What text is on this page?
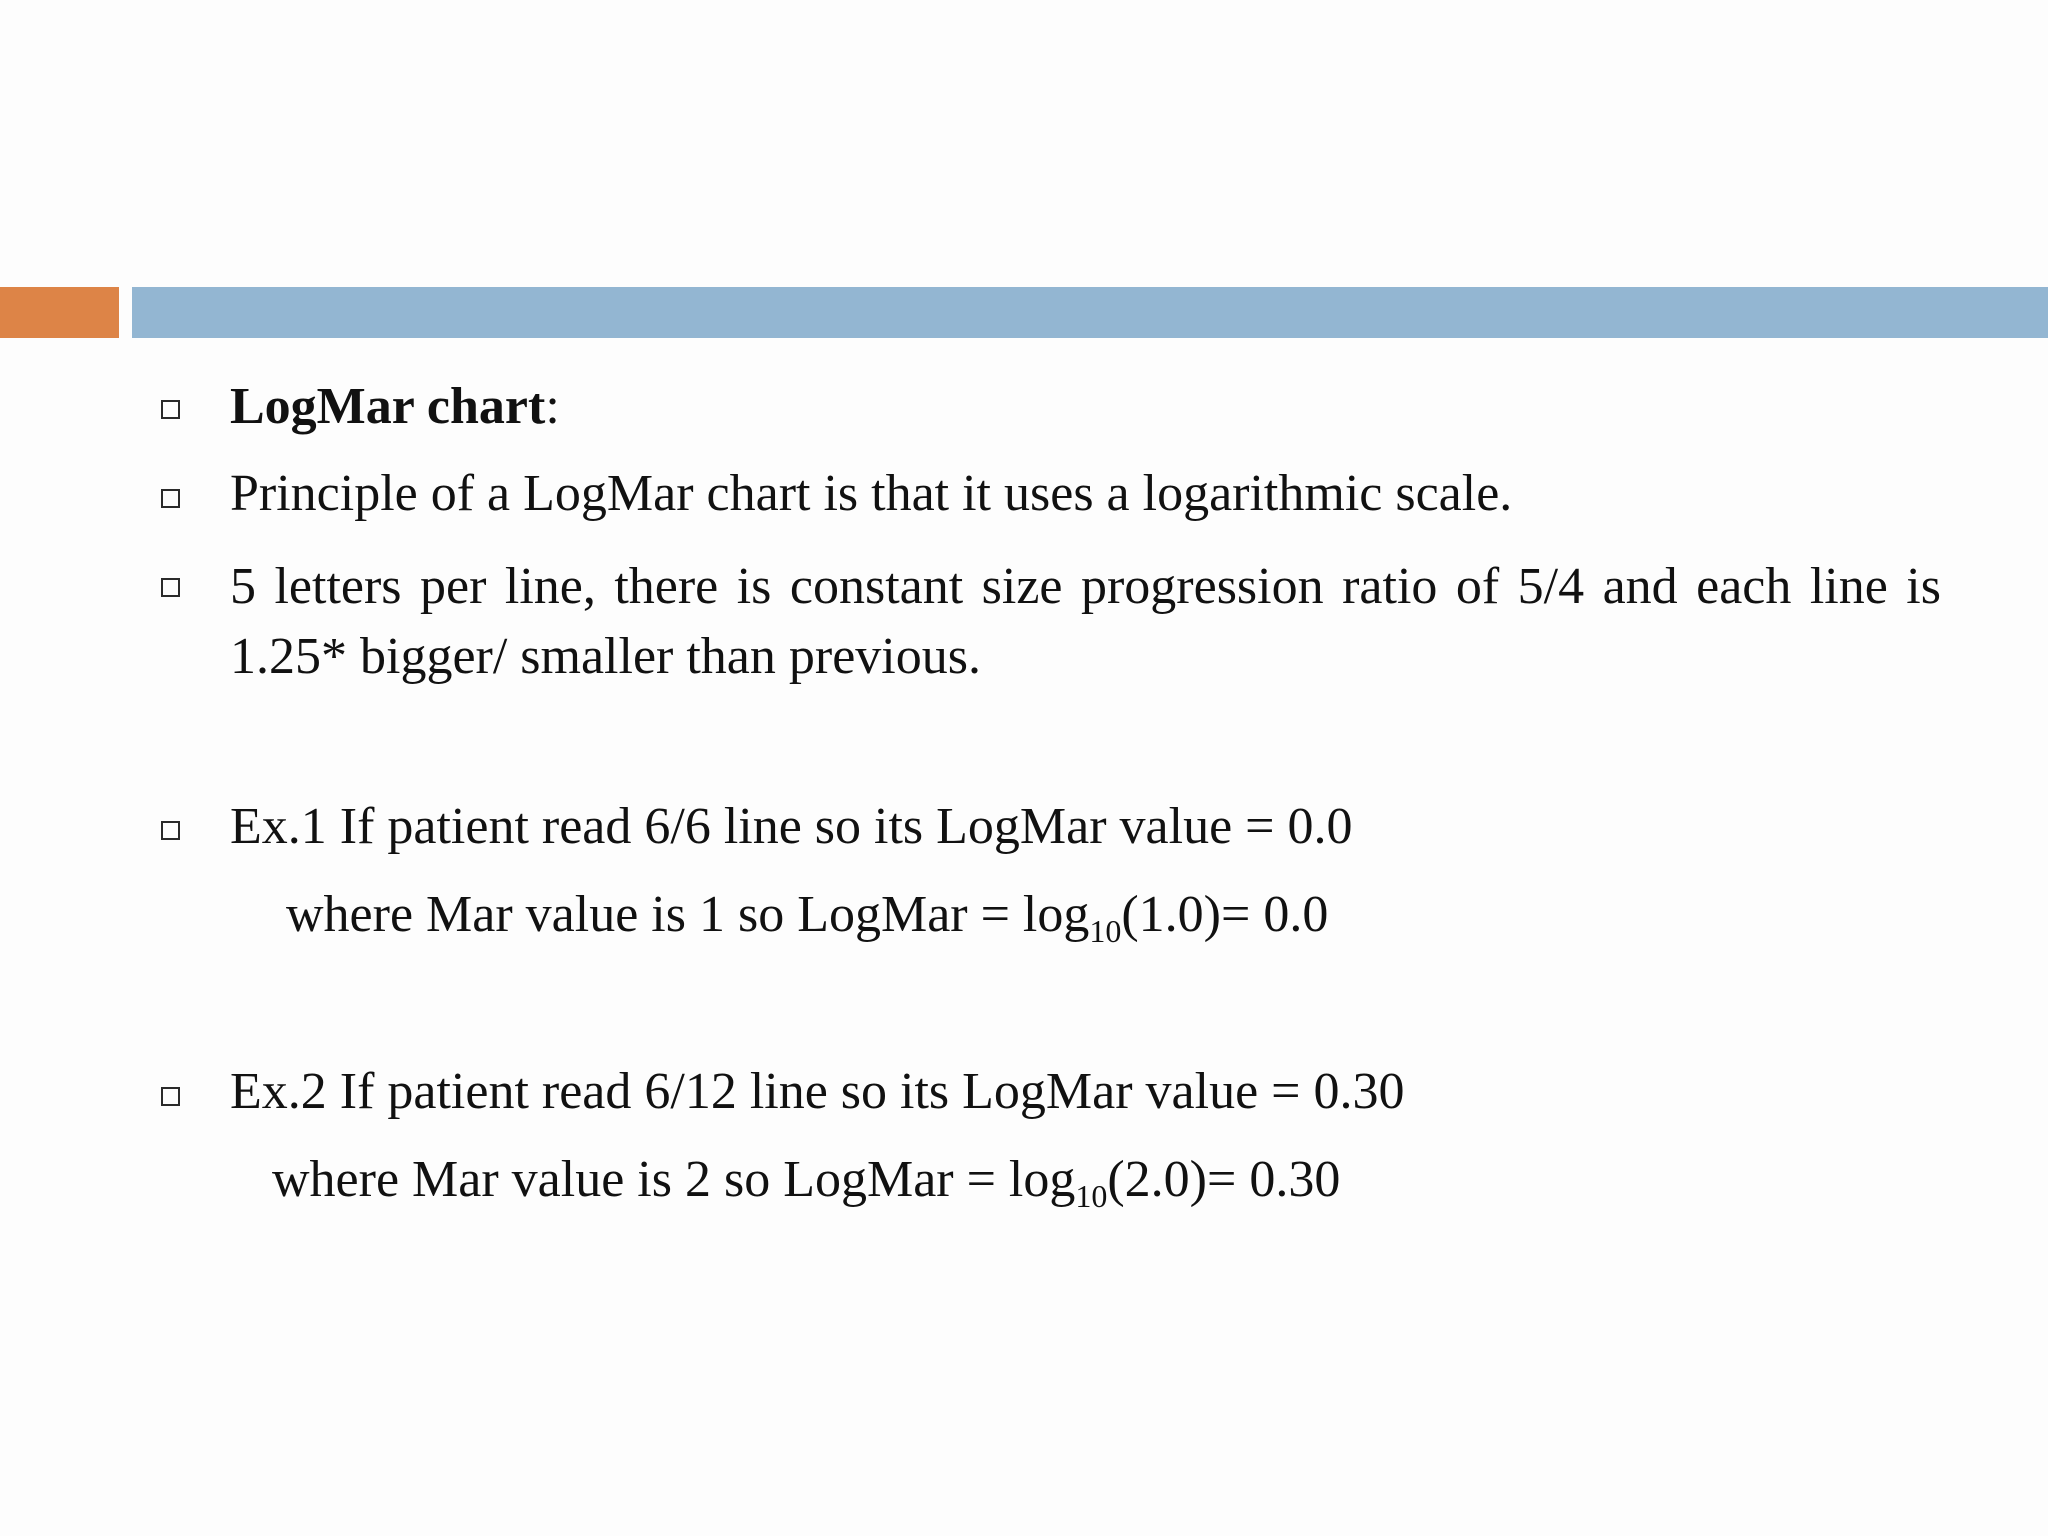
LogMar chart:
Principle of a LogMar chart is that it uses a logarithmic scale.
5 letters per line, there is constant size progression ratio of 5/4 and each line is 1.25* bigger/ smaller than previous.
Ex.1 If patient read 6/6 line so its LogMar value = 0.0
where Mar value is 1 so LogMar = $\log_{10}(1.0)= 0.0$
Ex.2 If patient read 6/12 line so its LogMar value = 0.30
where Mar value is 2 so LogMar = $\log_{10}(2.0)= 0.30$
